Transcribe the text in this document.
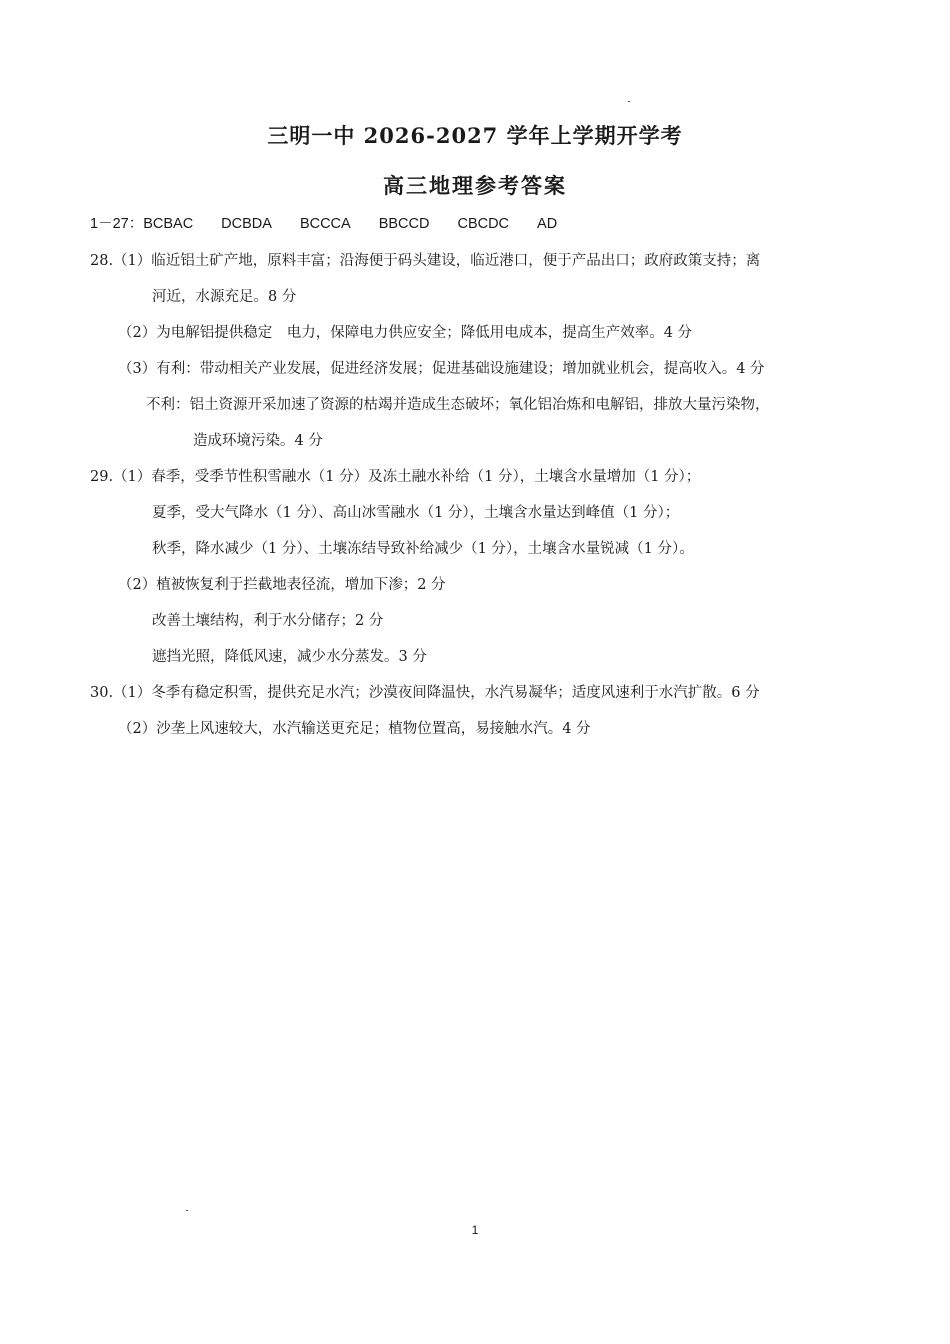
三明一中 2026-2027 学年上学期开学考
高三地理参考答案
1－27：BCBAC DCBDA BCCCA BBCCD CBCDC AD
28.（1）临近铝土矿产地，原料丰富；沿海便于码头建设，临近港口，便于产品出口；政府政策支持；离
河近，水源充足。8 分
（2）为电解铝提供稳定　电力，保障电力供应安全；降低用电成本，提高生产效率。4 分
（3）有利：带动相关产业发展，促进经济发展；促进基础设施建设；增加就业机会，提高收入。4 分
不利：铝土资源开采加速了资源的枯竭并造成生态破坏；氧化铝冶炼和电解铝，排放大量污染物，
造成环境污染。4 分
29.（1）春季，受季节性积雪融水（1 分）及冻土融水补给（1 分），土壤含水量增加（1 分）；
夏季，受大气降水（1 分）、高山冰雪融水（1 分），土壤含水量达到峰值（1 分）；
秋季，降水减少（1 分）、土壤冻结导致补给减少（1 分），土壤含水量锐减（1 分）。
（2）植被恢复利于拦截地表径流，增加下渗；2 分
改善土壤结构，利于水分储存；2 分
遮挡光照，降低风速，减少水分蒸发。3 分
30.（1）冬季有稳定积雪，提供充足水汽；沙漠夜间降温快，水汽易凝华；适度风速利于水汽扩散。6 分
（2）沙垄上风速较大，水汽输送更充足；植物位置高，易接触水汽。4 分
1
